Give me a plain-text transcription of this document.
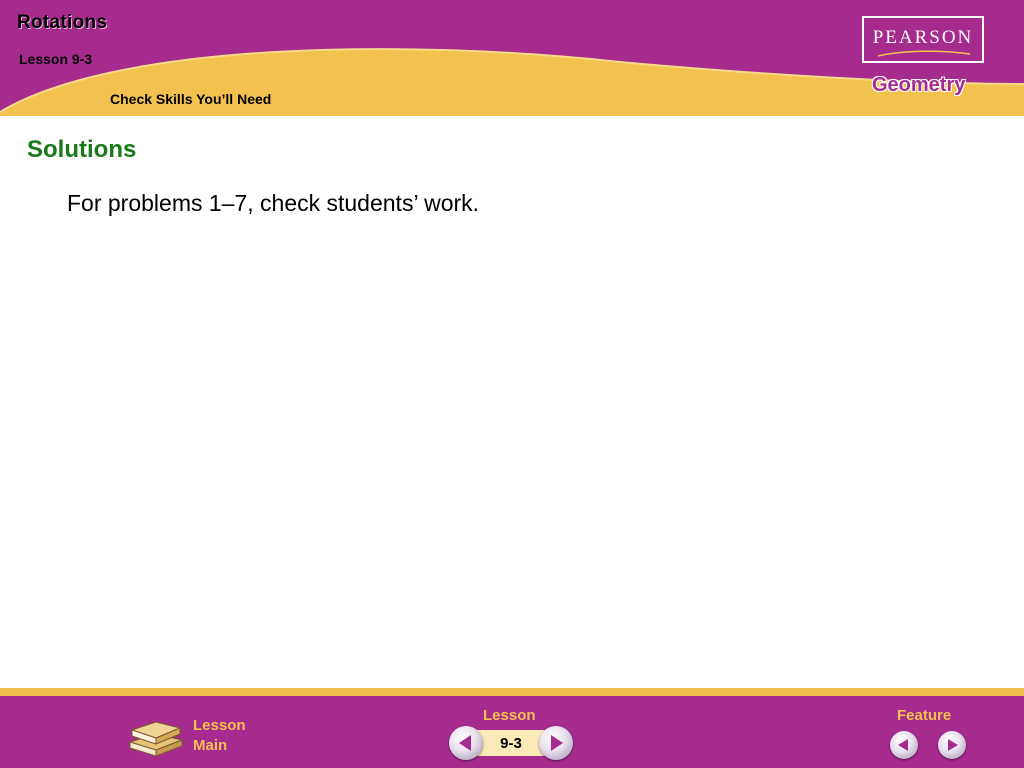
Rotations
Lesson 9-3
Check Skills You’ll Need
PEARSON
Geometry
Solutions
For problems 1–7, check students’ work.
Lesson
Main
Lesson
9-3
Feature
